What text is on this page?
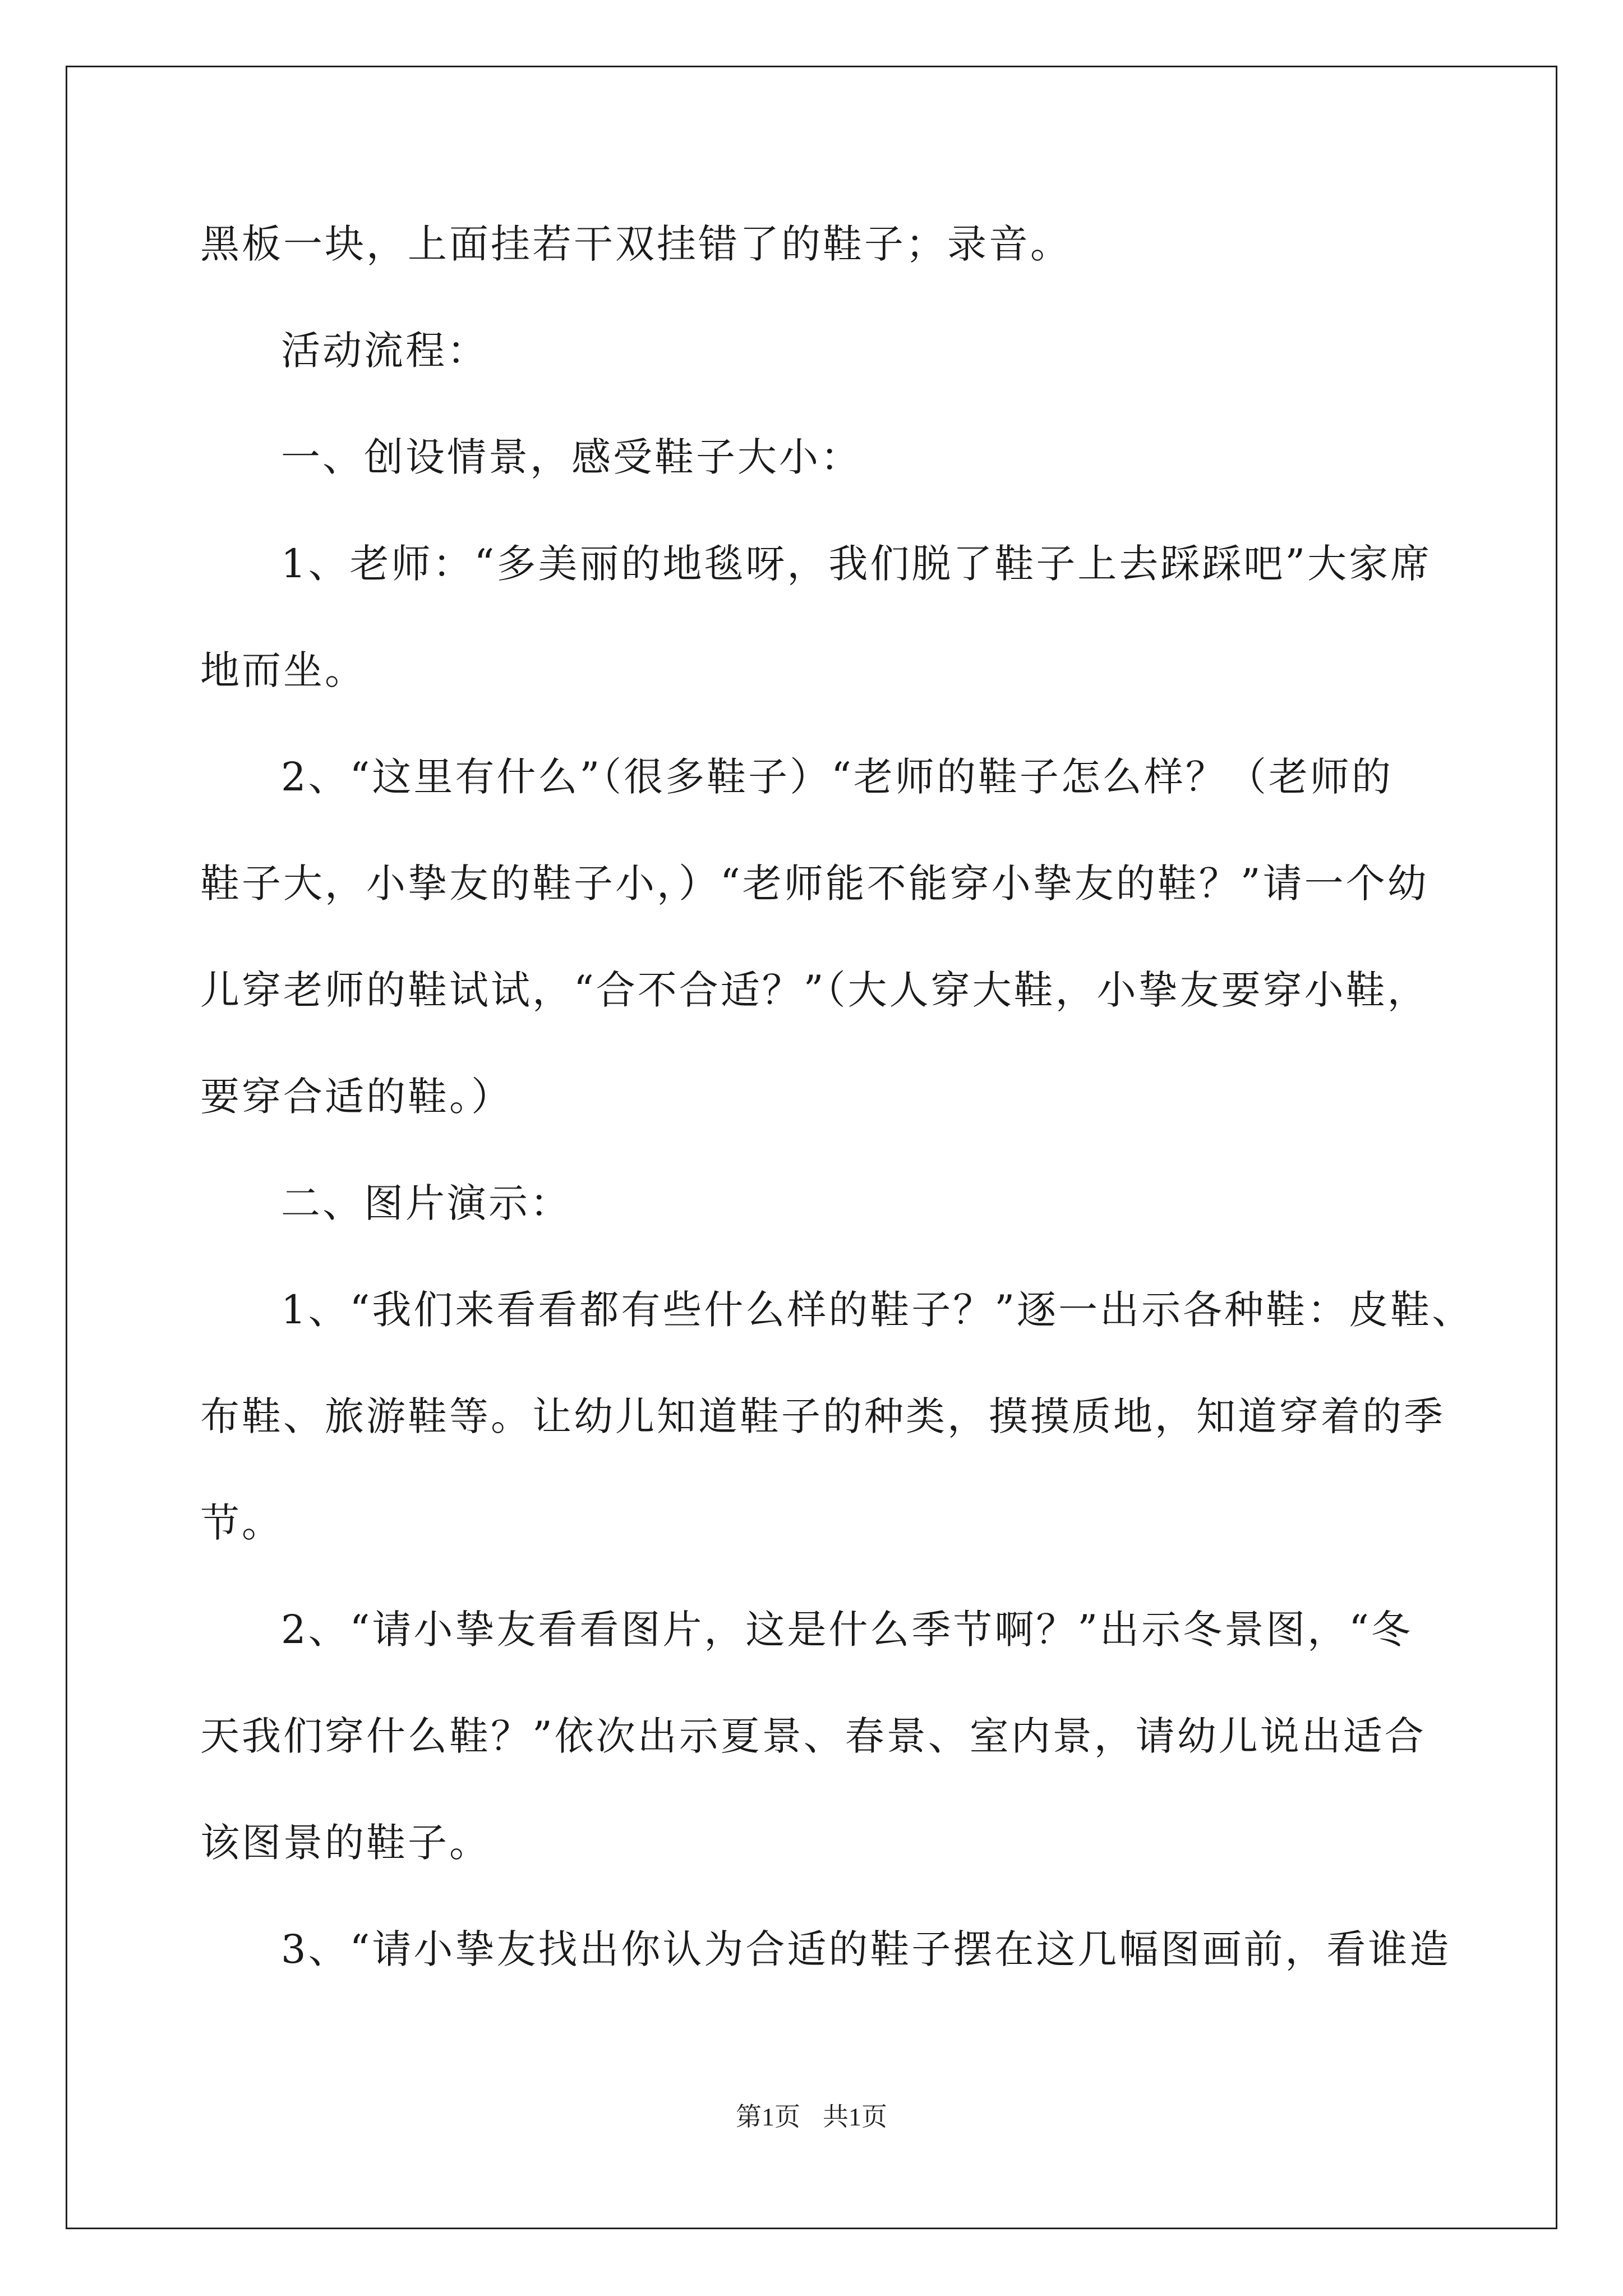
黑板一块，上面挂若干双挂错了的鞋子；录音。
活动流程：
一、创设情景，感受鞋子大小：
1、老师：“多美丽的地毯呀，我们脱了鞋子上去踩踩吧”大家席
地而坐。
2、“这里有什么”（很多鞋子）“老师的鞋子怎么样？（老师的
鞋子大，小挚友的鞋子小，）“老师能不能穿小挚友的鞋？”请一个幼
儿穿老师的鞋试试，“合不合适？”（大人穿大鞋，小挚友要穿小鞋，
要穿合适的鞋。）
二、图片演示：
1、“我们来看看都有些什么样的鞋子？”逐一出示各种鞋：皮鞋、
布鞋、旅游鞋等。让幼儿知道鞋子的种类，摸摸质地，知道穿着的季
节。
2、“请小挚友看看图片，这是什么季节啊？”出示冬景图，“冬
天我们穿什么鞋？”依次出示夏景、春景、室内景，请幼儿说出适合
该图景的鞋子。
3、“请小挚友找出你认为合适的鞋子摆在这几幅图画前，看谁造
第1页 共1页
